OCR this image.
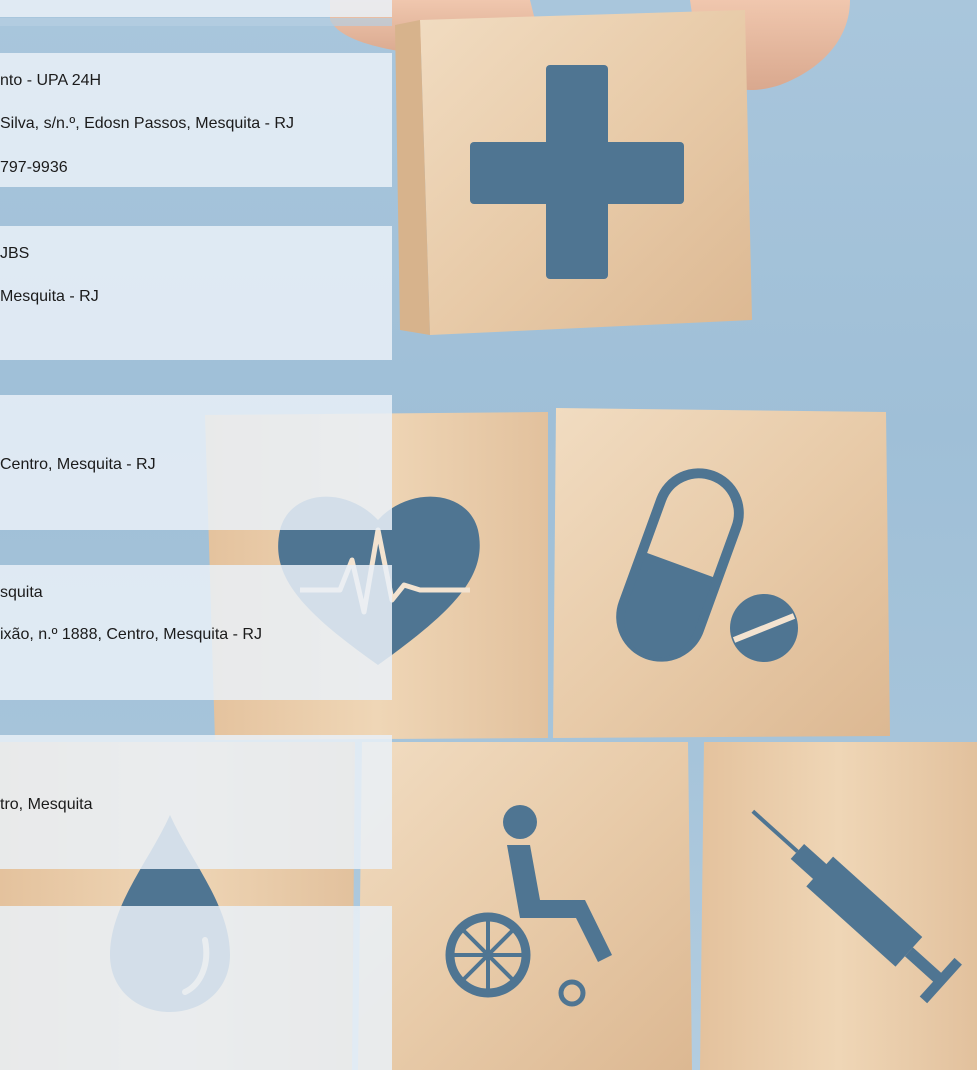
nto - UPA 24H
Silva, s/n.º, Edosn Passos, Mesquita - RJ
797-9936
JBS
Mesquita - RJ
Centro, Mesquita - RJ
squita
ixão, n.º 1888, Centro, Mesquita - RJ
tro, Mesquita
